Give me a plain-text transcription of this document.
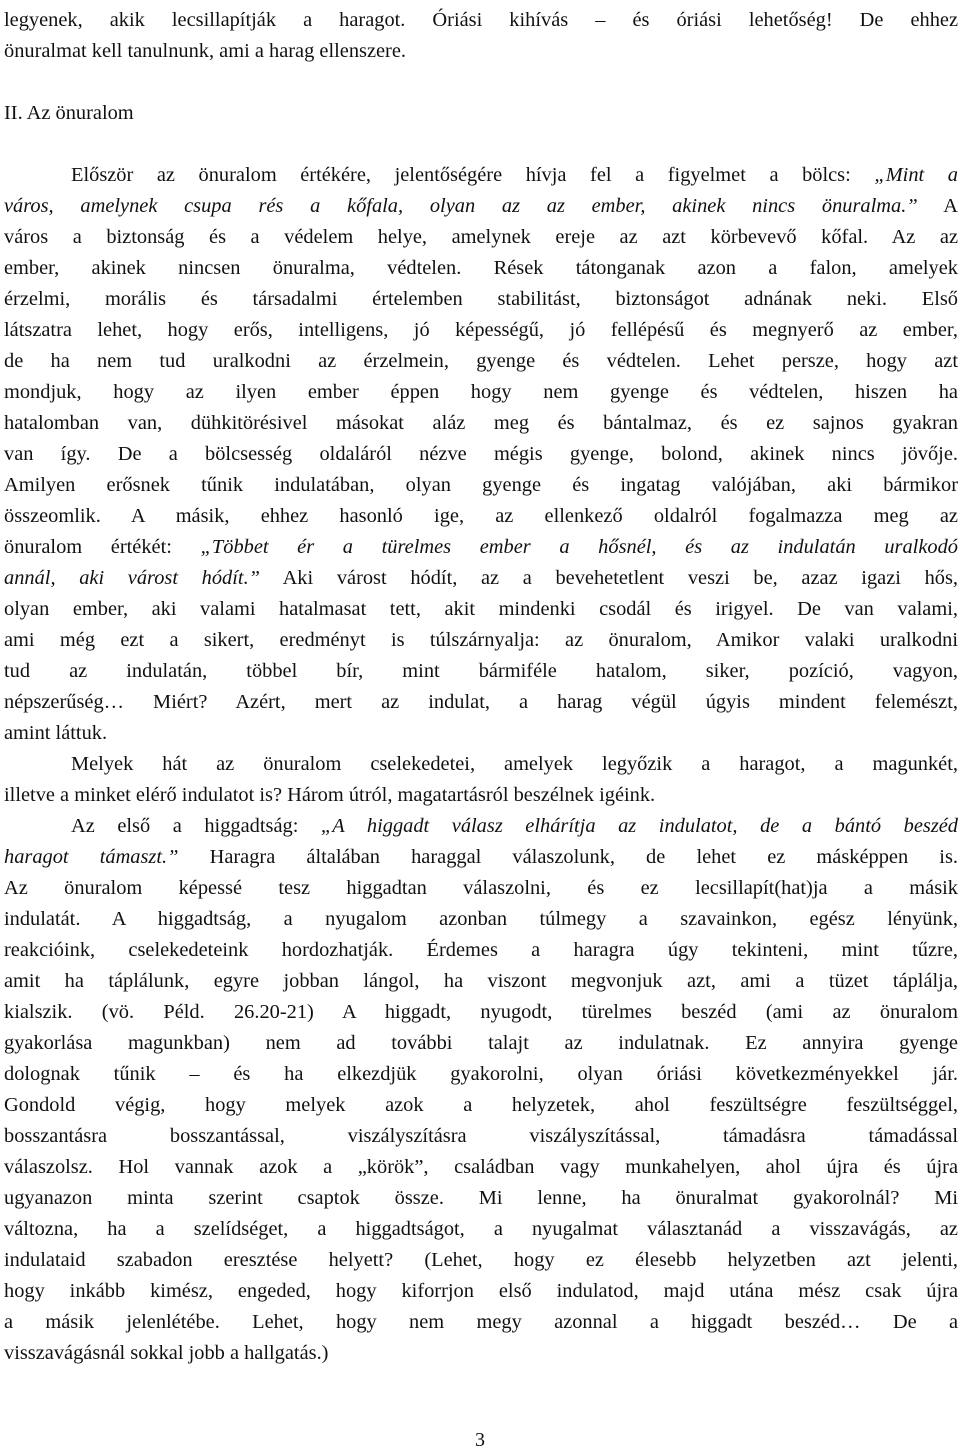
legyenek, akik lecsillapítják a haragot. Óriási kihívás – és óriási lehetőség! De ehhez
önuralmat kell tanulnunk, ami a harag ellenszere.
II. Az önuralom
Először az önuralom értékére, jelentőségére hívja fel a figyelmet a bölcs: „Mint a
város, amelynek csupa rés a kőfala, olyan az az ember, akinek nincs önuralma.” A
város a biztonság és a védelem helye, amelynek ereje az azt körbevevő kőfal. Az az
ember, akinek nincsen önuralma, védtelen. Rések tátonganak azon a falon, amelyek
érzelmi, morális és társadalmi értelemben stabilitást, biztonságot adnának neki. Első
látszatra lehet, hogy erős, intelligens, jó képességű, jó fellépésű és megnyerő az ember,
de ha nem tud uralkodni az érzelmein, gyenge és védtelen. Lehet persze, hogy azt
mondjuk, hogy az ilyen ember éppen hogy nem gyenge és védtelen, hiszen ha
hatalomban van, dühkitörésivel másokat aláz meg és bántalmaz, és ez sajnos gyakran
van így. De a bölcsesség oldaláról nézve mégis gyenge, bolond, akinek nincs jövője.
Amilyen erősnek tűnik indulatában, olyan gyenge és ingatag valójában, aki bármikor
összeomlik. A másik, ehhez hasonló ige, az ellenkező oldalról fogalmazza meg az
önuralom értékét: „Többet ér a türelmes ember a hősnél, és az indulatán uralkodó
annál, aki várost hódít.” Aki várost hódít, az a bevehetetlent veszi be, azaz igazi hős,
olyan ember, aki valami hatalmasat tett, akit mindenki csodál és irigyel. De van valami,
ami még ezt a sikert, eredményt is túlszárnyalja: az önuralom, Amikor valaki uralkodni
tud az indulatán, többel bír, mint bármiféle hatalom, siker, pozíció, vagyon,
népszerűség… Miért? Azért, mert az indulat, a harag végül úgyis mindent felemészt,
amint láttuk.
Melyek hát az önuralom cselekedetei, amelyek legyőzik a haragot, a magunkét,
illetve a minket elérő indulatot is? Három útról, magatartásról beszélnek igéink.
Az első a higgadtság: „A higgadt válasz elhárítja az indulatot, de a bántó beszéd
haragot támaszt.” Haragra általában haraggal válaszolunk, de lehet ez másképpen is.
Az önuralom képessé tesz higgadtan válaszolni, és ez lecsillapít(hat)ja a másik
indulatát. A higgadtság, a nyugalom azonban túlmegy a szavainkon, egész lényünk,
reakcióink, cselekedeteink hordozhatják. Érdemes a haragra úgy tekinteni, mint tűzre,
amit ha táplálunk, egyre jobban lángol, ha viszont megvonjuk azt, ami a tüzet táplálja,
kialszik. (vö. Péld. 26.20-21) A higgadt, nyugodt, türelmes beszéd (ami az önuralom
gyakorlása magunkban) nem ad további talajt az indulatnak. Ez annyira gyenge
dolognak tűnik – és ha elkezdjük gyakorolni, olyan óriási következményekkel jár.
Gondold végig, hogy melyek azok a helyzetek, ahol feszültségre feszültséggel,
bosszantásra bosszantással, viszályszításra viszályszítással, támadásra támadással
válaszolsz. Hol vannak azok a „körök”, családban vagy munkahelyen, ahol újra és újra
ugyanazon minta szerint csaptok össze. Mi lenne, ha önuralmat gyakorolnál? Mi
változna, ha a szelídséget, a higgadtságot, a nyugalmat választanád a visszavágás, az
indulataid szabadon eresztése helyett? (Lehet, hogy ez élesebb helyzetben azt jelenti,
hogy inkább kimész, engeded, hogy kiforrjon első indulatod, majd utána mész csak újra
a másik jelenlétébe. Lehet, hogy nem megy azonnal a higgadt beszéd… De a
visszavágásnál sokkal jobb a hallgatás.)
3
